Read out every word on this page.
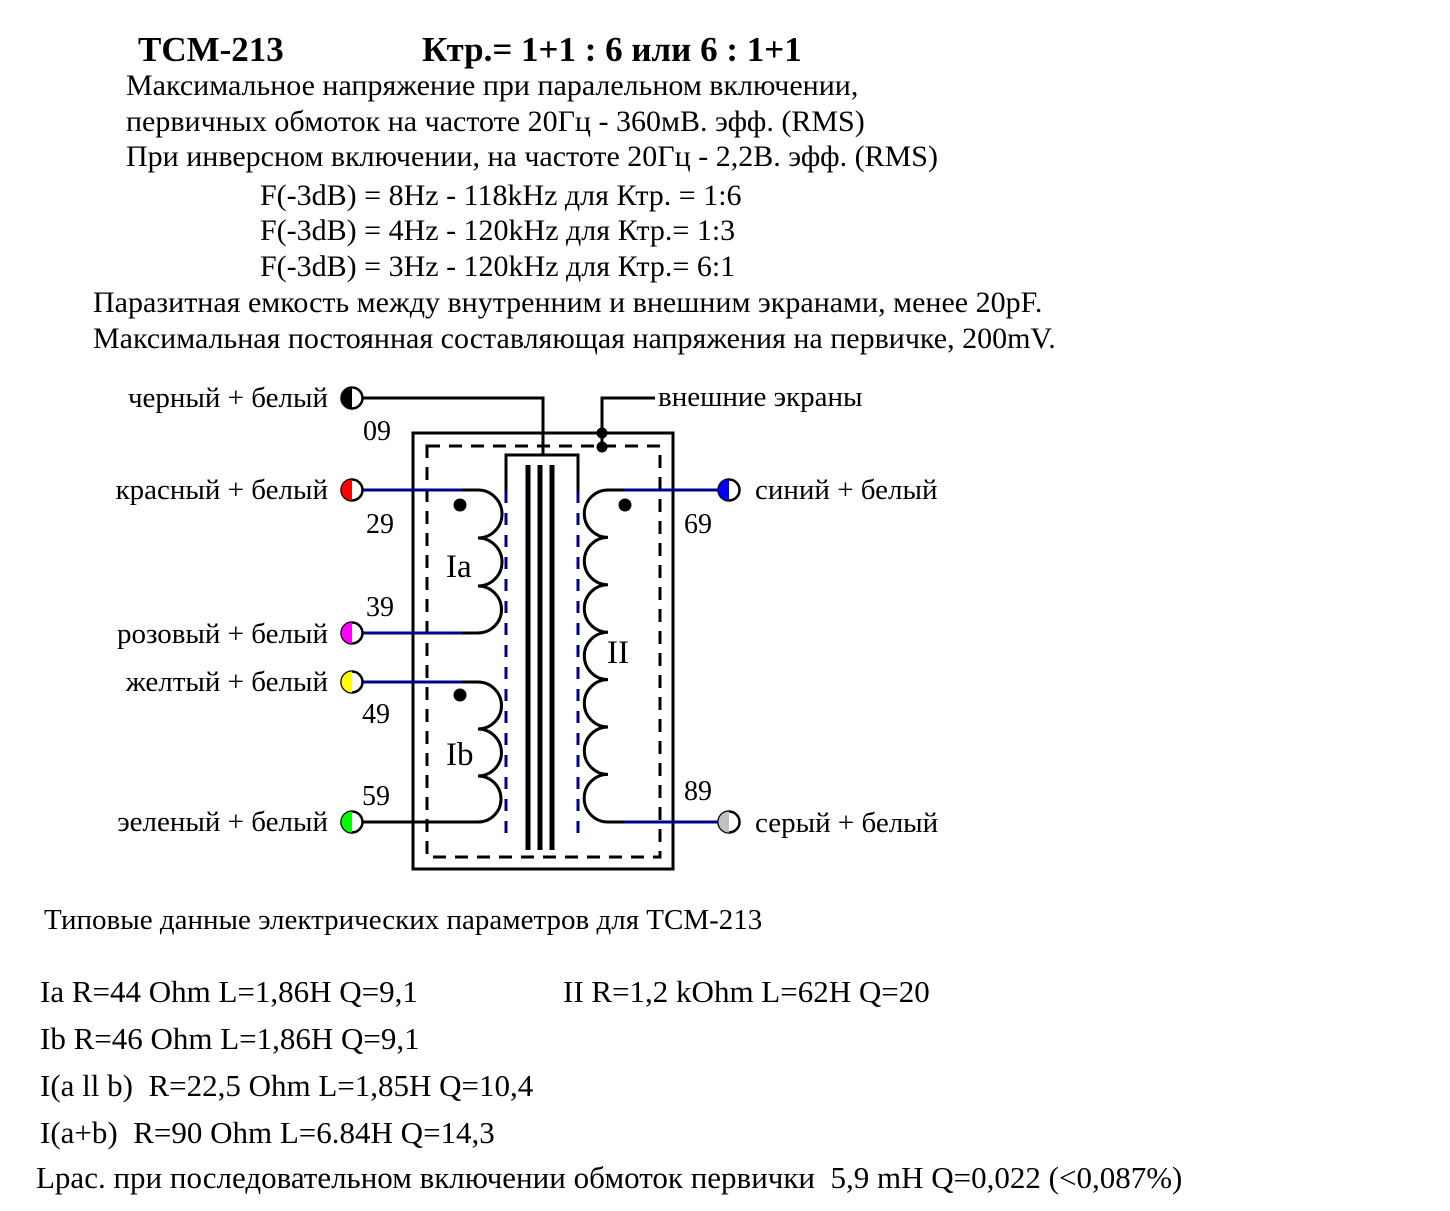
ТСМ-213	Ктр.= 1+1 : 6 или 6 : 1+1
Максимальное напряжение при паралельном включении,
первичных обмоток на частоте 20Гц - 360мВ. эфф. (RMS)
При инверсном включении, на частоте 20Гц - 2,2В. эфф. (RMS)
F(-3dB) = 8Hz - 118kHz для Ктр. = 1:6
F(-3dB) = 4Hz - 120kHz для Ктр.= 1:3
F(-3dB) = 3Hz - 120kHz для Ктр.= 6:1
Паразитная емкость между внутренним и внешним экранами, менее 20pF.
Максимальная постоянная составляющая напряжения на первичке, 200mV.
черный + белый
красный + белый
розовый + белый
желтый + белый
эеленый + белый
внешние экраны
синий + белый
серый + белый
09
29
39
49
59
69
89
Ia
Ib
II
Типовые данные электрических параметров для ТСМ-213
Ia R=44 Ohm L=1,86H Q=9,1	II R=1,2 kOhm L=62H Q=20
Ib R=46 Ohm L=1,86H Q=9,1
I(a ll b)  R=22,5 Ohm L=1,85H Q=10,4
I(a+b)  R=90 Ohm L=6.84H Q=14,3
Lрас. при последовательном включении обмоток первички  5,9 mH Q=0,022 (<0,087%)
